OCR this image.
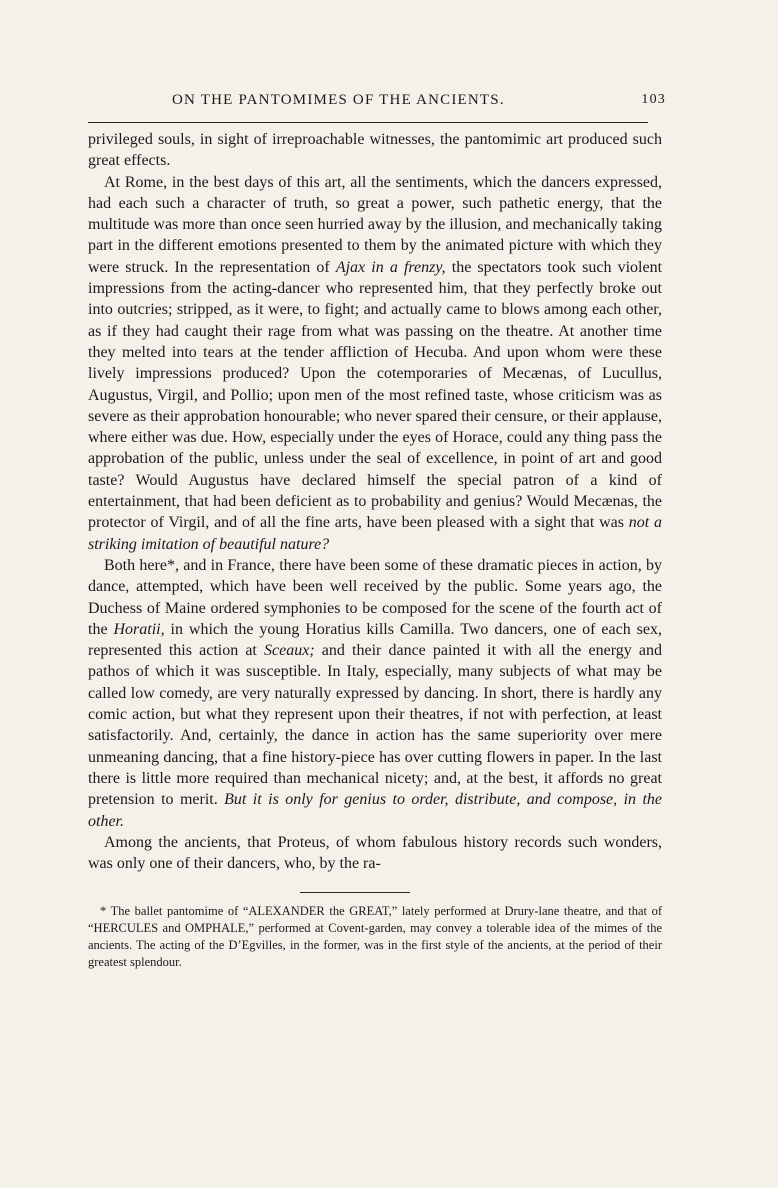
ON THE PANTOMIMES OF THE ANCIENTS.	103

privileged souls, in sight of irreproachable witnesses, the pantomimic art produced such great effects.

At Rome, in the best days of this art, all the sentiments, which the dancers expressed, had each such a character of truth, so great a power, such pathetic energy, that the multitude was more than once seen hurried away by the illusion, and mechanically taking part in the different emotions presented to them by the animated picture with which they were struck. In the representation of Ajax in a frenzy, the spectators took such violent impressions from the acting-dancer who represented him, that they perfectly broke out into outcries; stripped, as it were, to fight; and actually came to blows among each other, as if they had caught their rage from what was passing on the theatre. At another time they melted into tears at the tender affliction of Hecuba. And upon whom were these lively impressions produced? Upon the cotemporaries of Mecænas, of Lucullus, Augustus, Virgil, and Pollio; upon men of the most refined taste, whose criticism was as severe as their approbation honourable; who never spared their censure, or their applause, where either was due. How, especially under the eyes of Horace, could any thing pass the approbation of the public, unless under the seal of excellence, in point of art and good taste? Would Augustus have declared himself the special patron of a kind of entertainment, that had been deficient as to probability and genius? Would Mecænas, the protector of Virgil, and of all the fine arts, have been pleased with a sight that was not a striking imitation of beautiful nature?

Both here*, and in France, there have been some of these dramatic pieces in action, by dance, attempted, which have been well received by the public. Some years ago, the Duchess of Maine ordered symphonies to be composed for the scene of the fourth act of the Horatii, in which the young Horatius kills Camilla. Two dancers, one of each sex, represented this action at Sceaux; and their dance painted it with all the energy and pathos of which it was susceptible. In Italy, especially, many subjects of what may be called low comedy, are very naturally expressed by dancing. In short, there is hardly any comic action, but what they represent upon their theatres, if not with perfection, at least satisfactorily. And, certainly, the dance in action has the same superiority over mere unmeaning dancing, that a fine history-piece has over cutting flowers in paper. In the last there is little more required than mechanical nicety; and, at the best, it affords no great pretension to merit. But it is only for genius to order, distribute, and compose, in the other.

Among the ancients, that Proteus, of whom fabulous history records such wonders, was only one of their dancers, who, by the ra-

* The ballet pantomime of “ALEXANDER the GREAT,” lately performed at Drury-lane theatre, and that of “HERCULES and OMPHALE,” performed at Covent-garden, may convey a tolerable idea of the mimes of the ancients. The acting of the D’Egvilles, in the former, was in the first style of the ancients, at the period of their greatest splendour.
